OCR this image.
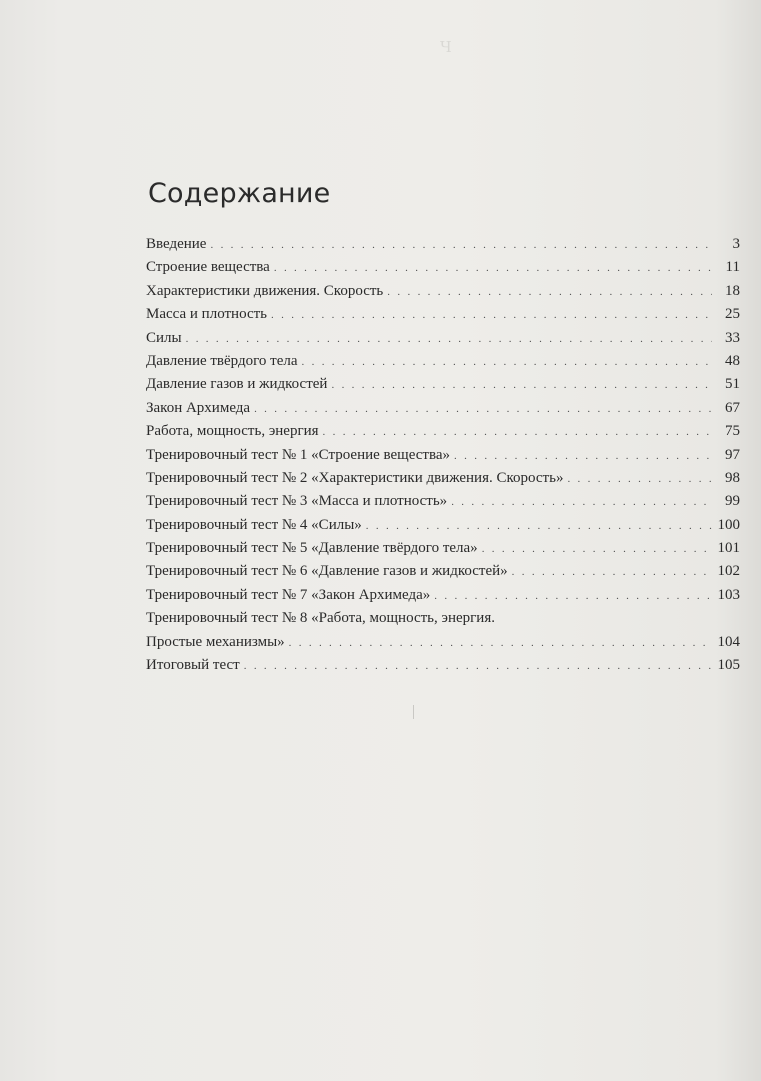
Ч
Содержание
Введение . . .	3
Строение вещества . . .	11
Характеристики движения. Скорость . . .	18
Масса и плотность . . .	25
Силы . . .	33
Давление твёрдого тела . . .	48
Давление газов и жидкостей . . .	51
Закон Архимеда . . .	67
Работа, мощность, энергия . . .	75
Тренировочный тест № 1 «Строение вещества» . . .	97
Тренировочный тест № 2 «Характеристики движения. Скорость» . . .	98
Тренировочный тест № 3 «Масса и плотность» . . .	99
Тренировочный тест № 4 «Силы» . . .	100
Тренировочный тест № 5 «Давление твёрдого тела» . . .	101
Тренировочный тест № 6 «Давление газов и жидкостей» . . .	102
Тренировочный тест № 7 «Закон Архимеда» . . .	103
Тренировочный тест № 8 «Работа, мощность, энергия.
Простые механизмы» . . .	104
Итоговый тест . . .	105
